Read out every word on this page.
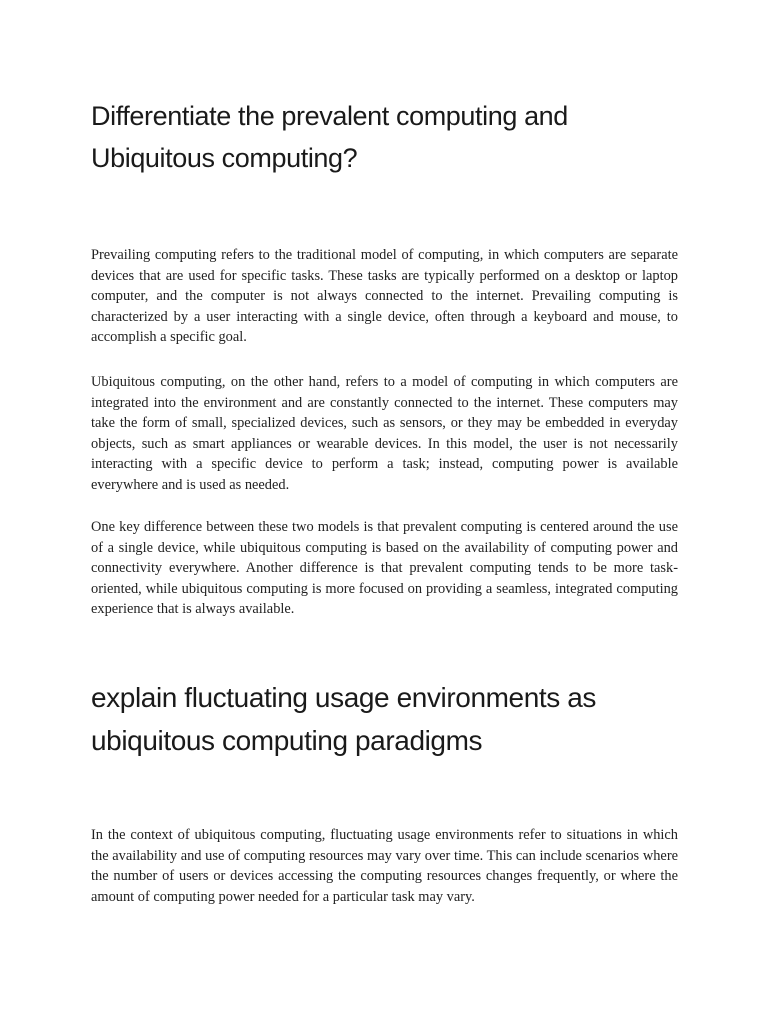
Differentiate the prevalent computing and Ubiquitous computing?

Prevailing computing refers to the traditional model of computing, in which computers are separate devices that are used for specific tasks. These tasks are typically performed on a desktop or laptop computer, and the computer is not always connected to the internet. Prevailing computing is characterized by a user interacting with a single device, often through a keyboard and mouse, to accomplish a specific goal.

Ubiquitous computing, on the other hand, refers to a model of computing in which computers are integrated into the environment and are constantly connected to the internet. These computers may take the form of small, specialized devices, such as sensors, or they may be embedded in everyday objects, such as smart appliances or wearable devices. In this model, the user is not necessarily interacting with a specific device to perform a task; instead, computing power is available everywhere and is used as needed.

One key difference between these two models is that prevalent computing is centered around the use of a single device, while ubiquitous computing is based on the availability of computing power and connectivity everywhere. Another difference is that prevalent computing tends to be more task-oriented, while ubiquitous computing is more focused on providing a seamless, integrated computing experience that is always available.

explain fluctuating usage environments as ubiquitous computing paradigms

In the context of ubiquitous computing, fluctuating usage environments refer to situations in which the availability and use of computing resources may vary over time. This can include scenarios where the number of users or devices accessing the computing resources changes frequently, or where the amount of computing power needed for a particular task may vary.
